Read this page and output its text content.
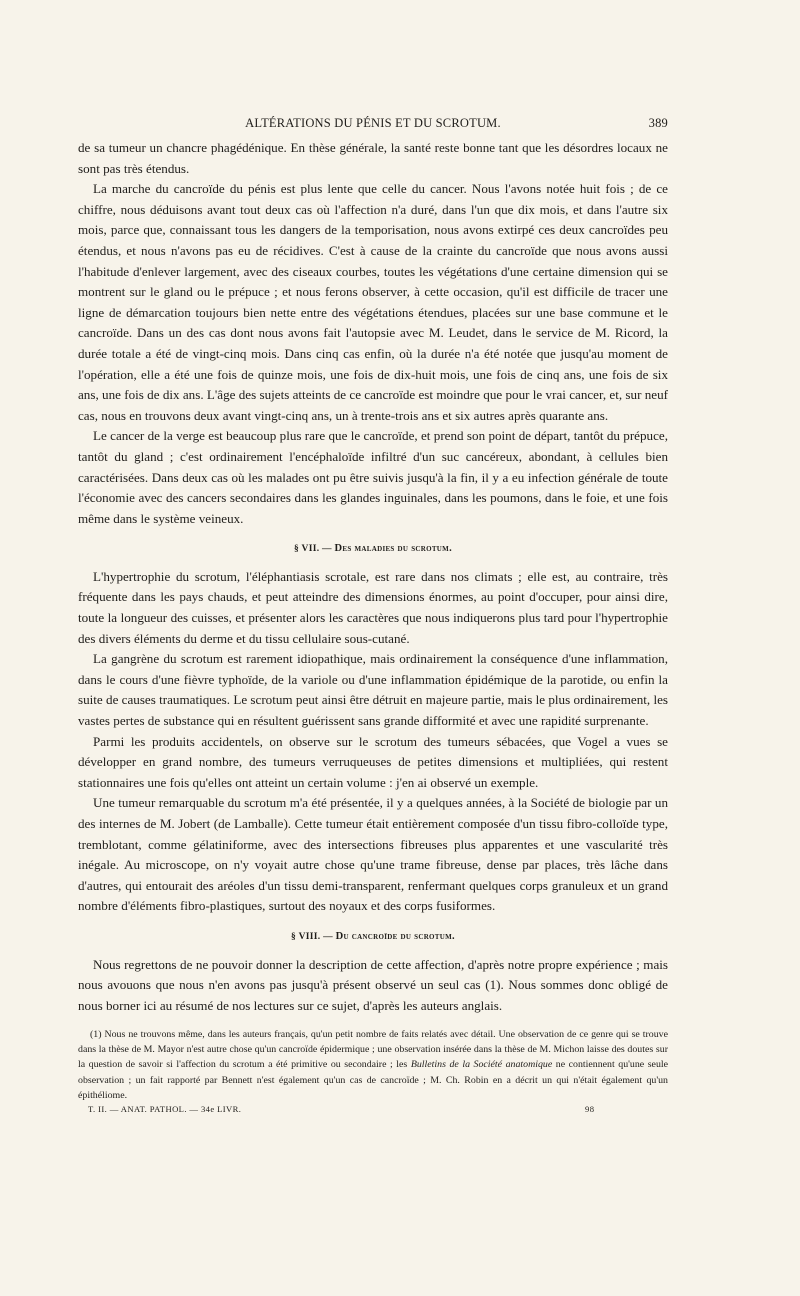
ALTÉRATIONS DU PÉNIS ET DU SCROTUM.	389

de sa tumeur un chancre phagédénique. En thèse générale, la santé reste bonne tant que les désordres locaux ne sont pas très étendus.

La marche du cancroïde du pénis est plus lente que celle du cancer. Nous l'avons notée huit fois ; de ce chiffre, nous déduisons avant tout deux cas où l'affection n'a duré, dans l'un que dix mois, et dans l'autre six mois, parce que, connaissant tous les dangers de la temporisation, nous avons extirpé ces deux cancroïdes peu étendus, et nous n'avons pas eu de récidives. C'est à cause de la crainte du cancroïde que nous avons aussi l'habitude d'enlever largement, avec des ciseaux courbes, toutes les végétations d'une certaine dimension qui se montrent sur le gland ou le prépuce ; et nous ferons observer, à cette occasion, qu'il est difficile de tracer une ligne de démarcation toujours bien nette entre des végétations étendues, placées sur une base commune et le cancroïde. Dans un des cas dont nous avons fait l'autopsie avec M. Leudet, dans le service de M. Ricord, la durée totale a été de vingt-cinq mois. Dans cinq cas enfin, où la durée n'a été notée que jusqu'au moment de l'opération, elle a été une fois de quinze mois, une fois de dix-huit mois, une fois de cinq ans, une fois de six ans, une fois de dix ans. L'âge des sujets atteints de ce cancroïde est moindre que pour le vrai cancer, et, sur neuf cas, nous en trouvons deux avant vingt-cinq ans, un à trente-trois ans et six autres après quarante ans.

Le cancer de la verge est beaucoup plus rare que le cancroïde, et prend son point de départ, tantôt du prépuce, tantôt du gland ; c'est ordinairement l'encéphaloïde infiltré d'un suc cancéreux, abondant, à cellules bien caractérisées. Dans deux cas où les malades ont pu être suivis jusqu'à la fin, il y a eu infection générale de toute l'économie avec des cancers secondaires dans les glandes inguinales, dans les poumons, dans le foie, et une fois même dans le système veineux.

§ VII. — Des maladies du scrotum.

L'hypertrophie du scrotum, l'éléphantiasis scrotale, est rare dans nos climats ; elle est, au contraire, très fréquente dans les pays chauds, et peut atteindre des dimensions énormes, au point d'occuper, pour ainsi dire, toute la longueur des cuisses, et présenter alors les caractères que nous indiquerons plus tard pour l'hypertrophie des divers éléments du derme et du tissu cellulaire sous-cutané.

La gangrène du scrotum est rarement idiopathique, mais ordinairement la conséquence d'une inflammation, dans le cours d'une fièvre typhoïde, de la variole ou d'une inflammation épidémique de la parotide, ou enfin la suite de causes traumatiques. Le scrotum peut ainsi être détruit en majeure partie, mais le plus ordinairement, les vastes pertes de substance qui en résultent guérissent sans grande difformité et avec une rapidité surprenante.

Parmi les produits accidentels, on observe sur le scrotum des tumeurs sébacées, que Vogel a vues se développer en grand nombre, des tumeurs verruqueuses de petites dimensions et multipliées, qui restent stationnaires une fois qu'elles ont atteint un certain volume : j'en ai observé un exemple.

Une tumeur remarquable du scrotum m'a été présentée, il y a quelques années, à la Société de biologie par un des internes de M. Jobert (de Lamballe). Cette tumeur était entièrement composée d'un tissu fibro-colloïde type, tremblotant, comme gélatiniforme, avec des intersections fibreuses plus apparentes et une vascularité très inégale. Au microscope, on n'y voyait autre chose qu'une trame fibreuse, dense par places, très lâche dans d'autres, qui entourait des aréoles d'un tissu demi-transparent, renfermant quelques corps granuleux et un grand nombre d'éléments fibro-plastiques, surtout des noyaux et des corps fusiformes.

§ VIII. — Du cancroïde du scrotum.

Nous regrettons de ne pouvoir donner la description de cette affection, d'après notre propre expérience ; mais nous avouons que nous n'en avons pas jusqu'à présent observé un seul cas (1). Nous sommes donc obligé de nous borner ici au résumé de nos lectures sur ce sujet, d'après les auteurs anglais.

(1) Nous ne trouvons même, dans les auteurs français, qu'un petit nombre de faits relatés avec détail. Une observation de ce genre qui se trouve dans la thèse de M. Mayor n'est autre chose qu'un cancroïde épidermique ; une observation insérée dans la thèse de M. Michon laisse des doutes sur la question de savoir si l'affection du scrotum a été primitive ou secondaire ; les Bulletins de la Société anatomique ne contiennent qu'une seule observation ; un fait rapporté par Bennett n'est également qu'un cas de cancroïde ; M. Ch. Robin en a décrit un qui n'était également qu'un épithéliome.

T. II. — ANAT. PATHOL. — 34e LIVR.	98
